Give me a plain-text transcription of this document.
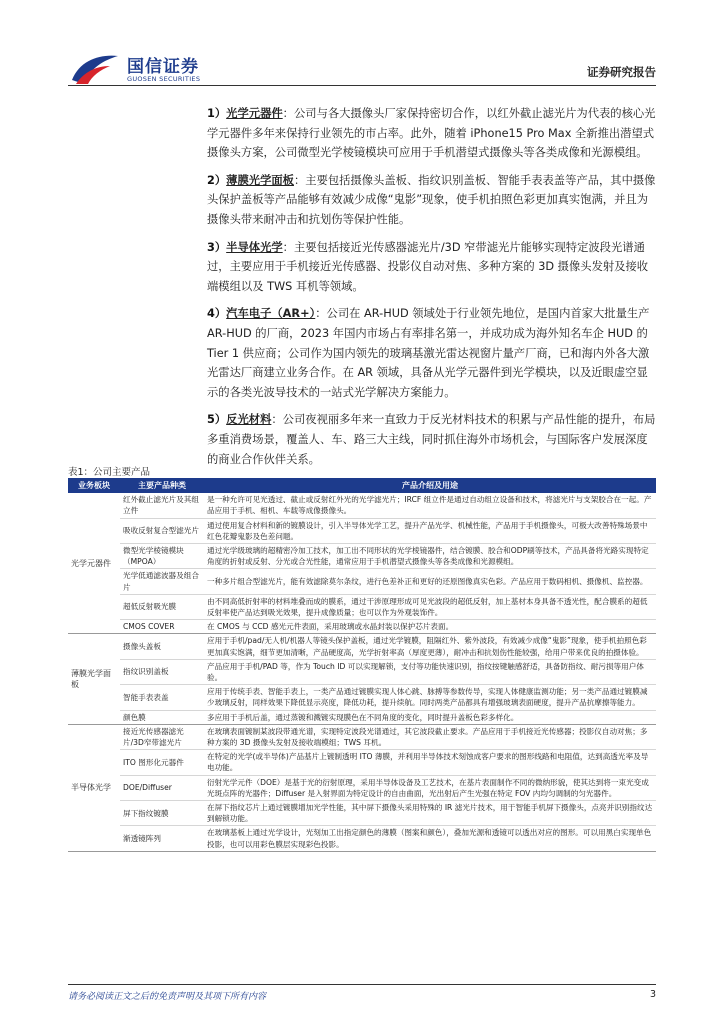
国信证券
GUOSEN SECURITIES	证券研究报告

1）光学元器件：公司与各大摄像头厂家保持密切合作，以红外截止滤光片为代表的核心光学元器件多年来保持行业领先的市占率。此外，随着 iPhone15 Pro Max 全新推出潜望式摄像头方案，公司微型光学棱镜模块可应用于手机潜望式摄像头等各类成像和光源模组。

2）薄膜光学面板：主要包括摄像头盖板、指纹识别盖板、智能手表表盖等产品，其中摄像头保护盖板等产品能够有效减少成像“鬼影”现象，使手机拍照色彩更加真实饱满，并且为摄像头带来耐冲击和抗划伤等保护性能。

3）半导体光学：主要包括接近光传感器滤光片/3D 窄带滤光片能够实现特定波段光谱通过，主要应用于手机接近光传感器、投影仪自动对焦、多种方案的 3D 摄像头发射及接收端模组以及 TWS 耳机等领域。

4）汽车电子（AR+）：公司在 AR-HUD 领域处于行业领先地位，是国内首家大批量生产 AR-HUD 的厂商，2023 年国内市场占有率排名第一，并成功成为海外知名车企 HUD 的 Tier 1 供应商；公司作为国内领先的玻璃基激光雷达视窗片量产厂商，已和海内外各大激光雷达厂商建立业务合作。在 AR 领域，具备从光学元器件到光学模块，以及近眼虚空显示的各类光波导技术的一站式光学解决方案能力。

5）反光材料：公司夜视丽多年来一直致力于反光材料技术的积累与产品性能的提升，布局多重消费场景，覆盖人、车、路三大主线，同时抓住海外市场机会，与国际客户发展深度的商业合作伙伴关系。

表1：公司主要产品
业务板块	主要产品种类	产品介绍及用途
光学元器件	红外截止滤光片及其组立件	是一种允许可见光透过、截止或反射红外光的光学滤光片；IRCF 组立件是通过自动组立设备和技术，将滤光片与支架胶合在一起。产品应用于手机、相机、车载等成像摄像头。
	吸收反射复合型滤光片	通过使用复合材料和新的镀膜设计，引入半导体光学工艺，提升产品光学、机械性能，产品用于手机摄像头，可极大改善特殊场景中红色花瓣鬼影及色差问题。
	微型光学棱镜模块（MPOA）	通过光学级玻璃的超精密冷加工技术，加工出不同形状的光学棱镜器件，结合镀膜、胶合和ODP刷等技术，产品具备将光路实现特定角度的折射或反射、分光或合光性能，通常应用于手机潜望式摄像头等各类成像和光源模组。
	光学低通滤波器及组合片	一种多片组合型滤光片，能有效滤除莫尔条纹，进行色差补正和更好的还原图像真实色彩。产品应用于数码相机、摄像机、监控器。
	超低反射吸光膜	由不同高低折射率的材料堆叠而成的膜系，通过干涉原理形成可见光波段的超低反射，加上基材本身具备不透光性，配合膜系的超低反射率使产品达到吸光效果，提升成像质量；也可以作为外观装饰件。
	CMOS COVER	在 CMOS 与 CCD 感光元件表面，采用玻璃或水晶封装以保护芯片表面。
薄膜光学面板	摄像头盖板	应用于手机/pad/无人机/机器人等镜头保护盖板，通过光学镀膜，阻隔红外、紫外波段，有效减少成像“鬼影”现象，使手机拍照色彩更加真实饱满，细节更加清晰，产品硬度高，光学折射率高（厚度更薄），耐冲击和抗划伤性能较强，给用户带来优良的拍摄体验。
	指纹识别盖板	产品应用于手机/PAD 等，作为 Touch ID 可以实现解锁，支付等功能快速识别，指纹按键触感舒适，具备防指纹、耐污损等用户体验。
	智能手表表盖	应用于传统手表、智能手表上，一类产品通过镀膜实现人体心跳、脉搏等参数传导，实现人体健康监测功能；另一类产品通过镀膜减少玻璃反射，同样效果下降低显示亮度，降低功耗，提升续航。同时两类产品都具有增强玻璃表面硬度，提升产品抗摩擦等能力。
	颜色膜	多应用于手机后盖，通过蒸镀和溅镀实现膜色在不同角度的变化，同时提升盖板色彩多样化。
半导体光学	接近光传感器滤光片/3D窄带滤光片	在玻璃表面镀制某波段带通光谱，实现特定波段光谱通过，其它波段截止要求。产品应用于手机接近光传感器；投影仪自动对焦；多种方案的 3D 摄像头发射及接收端模组；TWS 耳机。
	ITO 图形化元器件	在特定的光学(或半导体)产品基片上镀制透明 ITO 薄膜，并利用半导体技术刻蚀成客户要求的图形线路和电阻值，达到高透光率及导电功能。
	DOE/Diffuser	衍射光学元件（DOE）是基于光的衍射原理，采用半导体设备及工艺技术，在基片表面制作不同的微纳形貌，使其达到将一束光变成光斑点阵的光器件；Diffuser 是入射界面为特定设计的自由曲面，光出射后产生光强在特定 FOV 内均匀调制的匀光器件。
	屏下指纹镀膜	在屏下指纹芯片上通过镀膜增加光学性能，其中屏下摄像头采用特殊的 IR 滤光片技术，用于智能手机屏下摄像头，点亮并识别指纹达到解锁功能。
	渐透镜阵列	在玻璃基板上通过光学设计，光刻加工出指定颜色的薄膜（图案和颜色），叠加光源和透镜可以透出对应的图形。可以用黑白实现单色投影，也可以用彩色膜层实现彩色投影。
请务必阅读正文之后的免责声明及其项下所有内容	3
